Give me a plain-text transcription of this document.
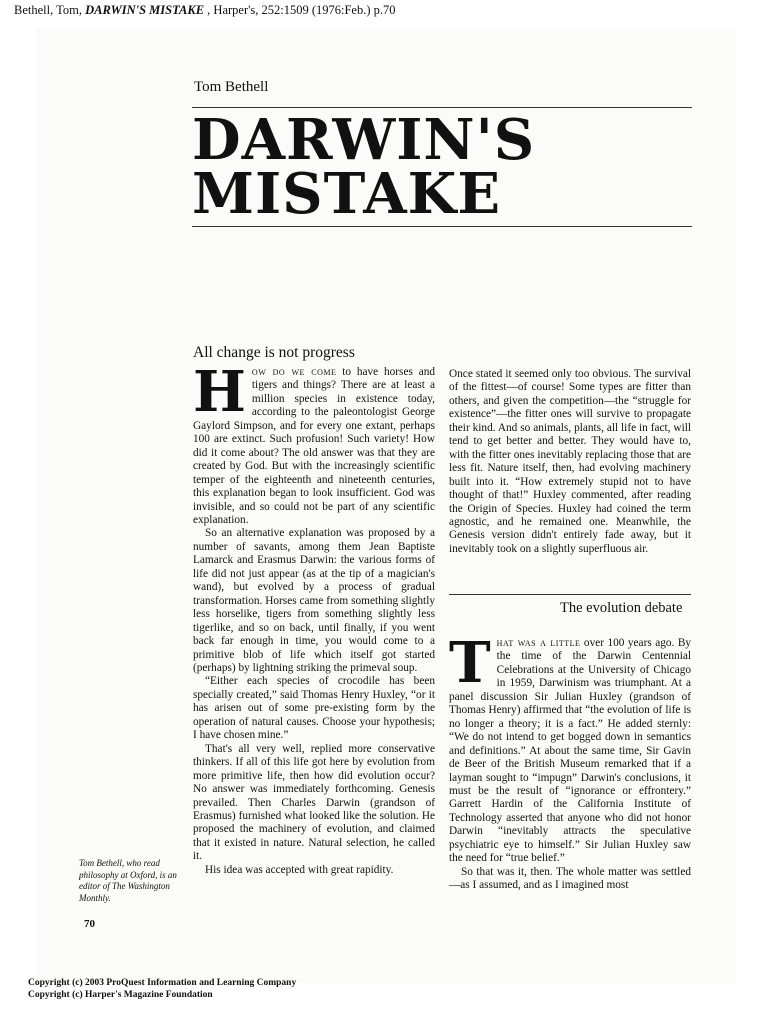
Bethell, Tom, DARWIN'S MISTAKE , Harper's, 252:1509 (1976:Feb.) p.70
Tom Bethell
DARWIN'S
MISTAKE
All change is not progress

How do we come to have horses and tigers and things? There are at least a million species in existence today, according to the paleontologist George Gaylord Simpson, and for every one extant, perhaps 100 are extinct. Such profusion! Such variety! How did it come about? The old answer was that they are created by God. But with the increasingly scientific temper of the eighteenth and nineteenth centuries, this explanation began to look insufficient. God was invisible, and so could not be part of any scientific explanation.

So an alternative explanation was proposed by a number of savants, among them Jean Baptiste Lamarck and Erasmus Darwin: the various forms of life did not just appear (as at the tip of a magician's wand), but evolved by a process of gradual transformation. Horses came from something slightly less horselike, tigers from something slightly less tigerlike, and so on back, until finally, if you went back far enough in time, you would come to a primitive blob of life which itself got started (perhaps) by lightning striking the primeval soup.

“Either each species of crocodile has been specially created,” said Thomas Henry Huxley, “or it has arisen out of some pre-existing form by the operation of natural causes. Choose your hypothesis; I have chosen mine.”

That's all very well, replied more conservative thinkers. If all of this life got here by evolution from more primitive life, then how did evolution occur? No answer was immediately forthcoming. Genesis prevailed. Then Charles Darwin (grandson of Erasmus) furnished what looked like the solution. He proposed the machinery of evolution, and claimed that it existed in nature. Natural selection, he called it.

His idea was accepted with great rapidity.

Once stated it seemed only too obvious. The survival of the fittest—of course! Some types are fitter than others, and given the competition—the “struggle for existence”—the fitter ones will survive to propagate their kind. And so animals, plants, all life in fact, will tend to get better and better. They would have to, with the fitter ones inevitably replacing those that are less fit. Nature itself, then, had evolving machinery built into it. “How extremely stupid not to have thought of that!” Huxley commented, after reading the Origin of Species. Huxley had coined the term agnostic, and he remained one. Meanwhile, the Genesis version didn't entirely fade away, but it inevitably took on a slightly superfluous air.

The evolution debate

That was a little over 100 years ago. By the time of the Darwin Centennial Celebrations at the University of Chicago in 1959, Darwinism was triumphant. At a panel discussion Sir Julian Huxley (grandson of Thomas Henry) affirmed that “the evolution of life is no longer a theory; it is a fact.” He added sternly: “We do not intend to get bogged down in semantics and definitions.” At about the same time, Sir Gavin de Beer of the British Museum remarked that if a layman sought to “impugn” Darwin's conclusions, it must be the result of “ignorance or effrontery.” Garrett Hardin of the California Institute of Technology asserted that anyone who did not honor Darwin “inevitably attracts the speculative psychiatric eye to himself.” Sir Julian Huxley saw the need for “true belief.”

So that was it, then. The whole matter was settled—as I assumed, and as I imagined most

Tom Bethell, who read philosophy at Oxford, is an editor of The Washington Monthly.
70
Copyright (c) 2003 ProQuest Information and Learning Company
Copyright (c) Harper's Magazine Foundation
